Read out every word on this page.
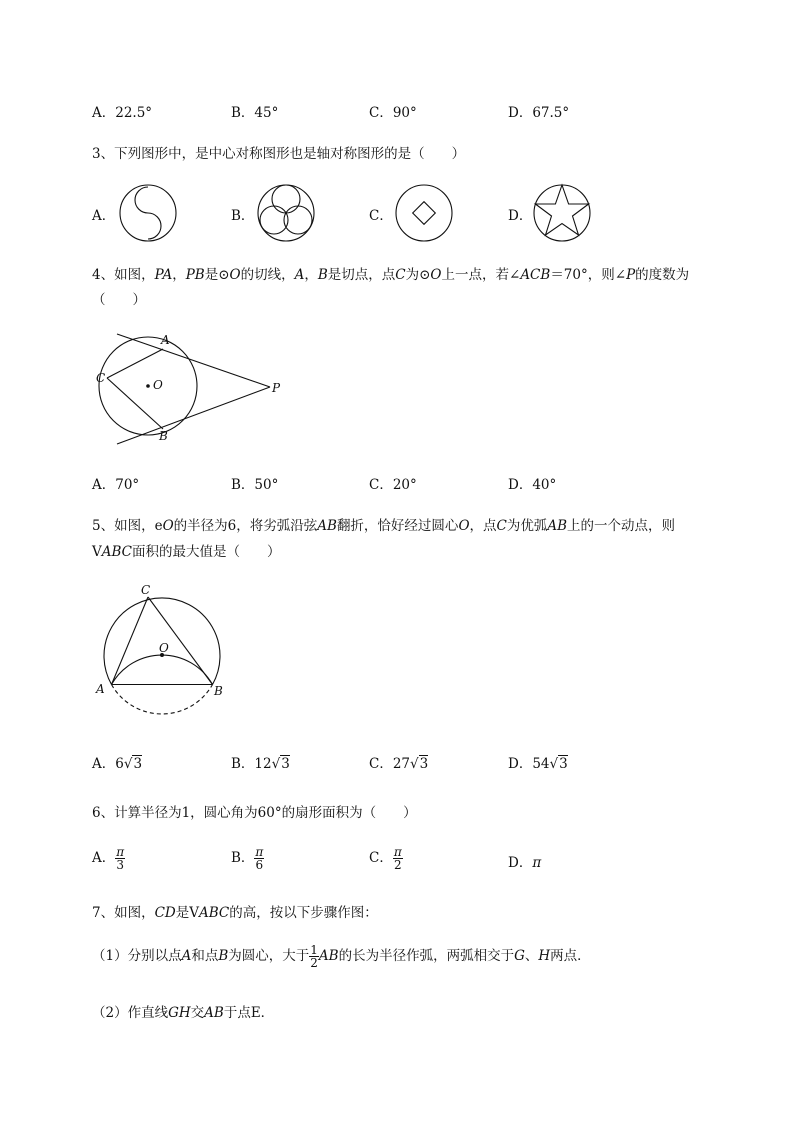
A．22.5°	B．45°	C．90°	D．67.5°
3、下列图形中，是中心对称图形也是轴对称图形的是（　　）
A．	B．	C．	D．
4、如图，PA，PB是⊙O的切线，A，B是切点，点C为⊙O上一点，若∠ACB＝70°，则∠P的度数为
（　　）
A
C	O	P
B
A．70°	B．50°	C．20°	D．40°
5、如图，eO的半径为6，将劣弧沿弦AB翻折，恰好经过圆心O，点C为优弧AB上的一个动点，则
VABC面积的最大值是（　　）
C
O
A	B
A．6√3	B．12√3	C．27√3	D．54√3
6、计算半径为1，圆心角为60°的扇形面积为（　　）
A． $\frac{\pi}{3}$	B． $\frac{\pi}{6}$	C． $\frac{\pi}{2}$	D．π
7、如图，CD是VABC的高，按以下步骤作图：
（1）分别以点A和点B为圆心，大于 $\frac{1}{2}$ AB的长为半径作弧，两弧相交于G、H两点．
（2）作直线GH交AB于点E．
